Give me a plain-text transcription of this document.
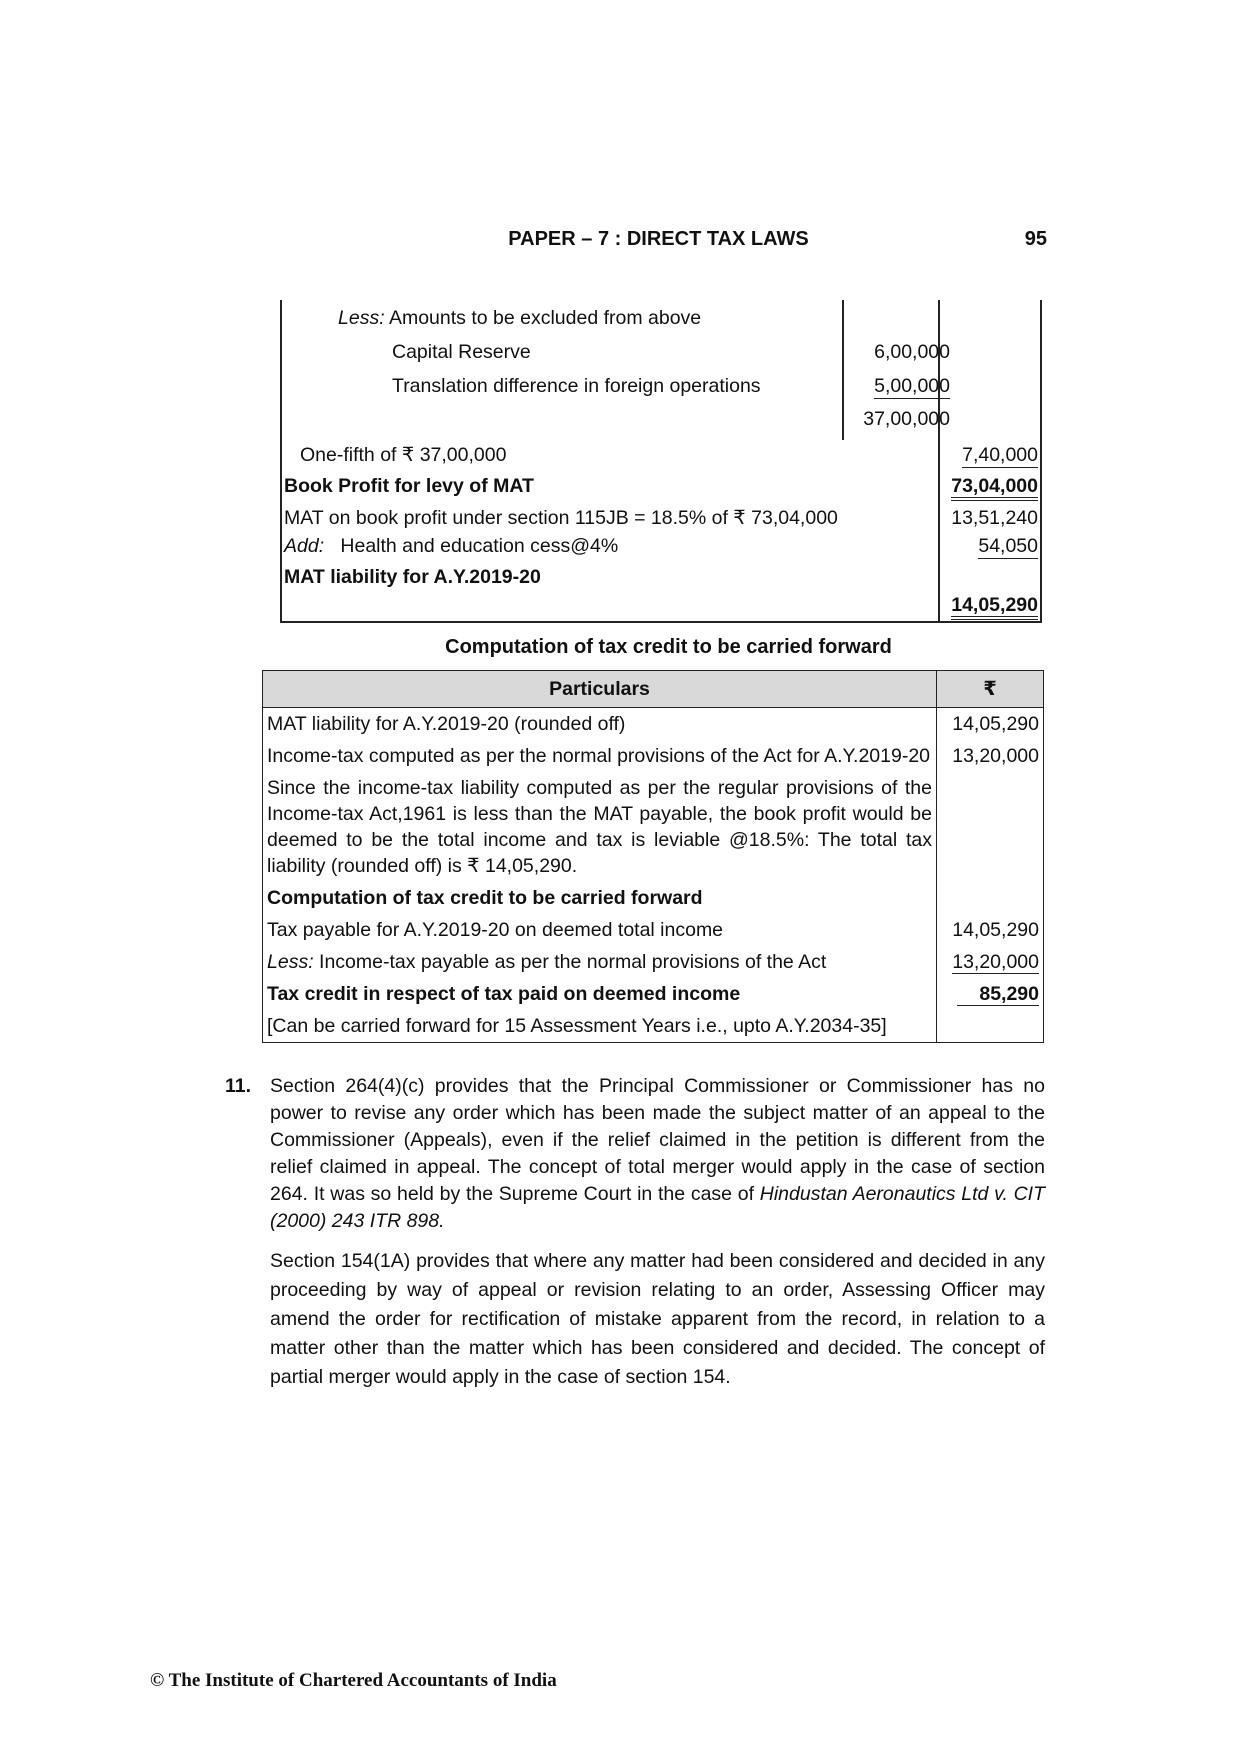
PAPER – 7 : DIRECT TAX LAWS	95
Less: Amounts to be excluded from above
Capital Reserve	6,00,000
Translation difference in foreign operations	5,00,000
37,00,000
One-fifth of ₹ 37,00,000	7,40,000
Book Profit for levy of MAT	73,04,000
MAT on book profit under section 115JB = 18.5% of ₹ 73,04,000	13,51,240
Add: Health and education cess@4%	54,050
MAT liability for A.Y.2019-20
14,05,290
Computation of tax credit to be carried forward
Particulars	₹
MAT liability for A.Y.2019-20 (rounded off)	14,05,290
Income-tax computed as per the normal provisions of the Act for A.Y.2019-20	13,20,000
Since the income-tax liability computed as per the regular provisions of the Income-tax Act,1961 is less than the MAT payable, the book profit would be deemed to be the total income and tax is leviable @18.5%: The total tax liability (rounded off) is ₹ 14,05,290.	
Computation of tax credit to be carried forward	
Tax payable for A.Y.2019-20 on deemed total income	14,05,290
Less: Income-tax payable as per the normal provisions of the Act	13,20,000
Tax credit in respect of tax paid on deemed income	85,290
[Can be carried forward for 15 Assessment Years i.e., upto A.Y.2034-35]	
11. Section 264(4)(c) provides that the Principal Commissioner or Commissioner has no power to revise any order which has been made the subject matter of an appeal to the Commissioner (Appeals), even if the relief claimed in the petition is different from the relief claimed in appeal. The concept of total merger would apply in the case of section 264. It was so held by the Supreme Court in the case of Hindustan Aeronautics Ltd v. CIT (2000) 243 ITR 898.
Section 154(1A) provides that where any matter had been considered and decided in any proceeding by way of appeal or revision relating to an order, Assessing Officer may amend the order for rectification of mistake apparent from the record, in relation to a matter other than the matter which has been considered and decided. The concept of partial merger would apply in the case of section 154.
© The Institute of Chartered Accountants of India
